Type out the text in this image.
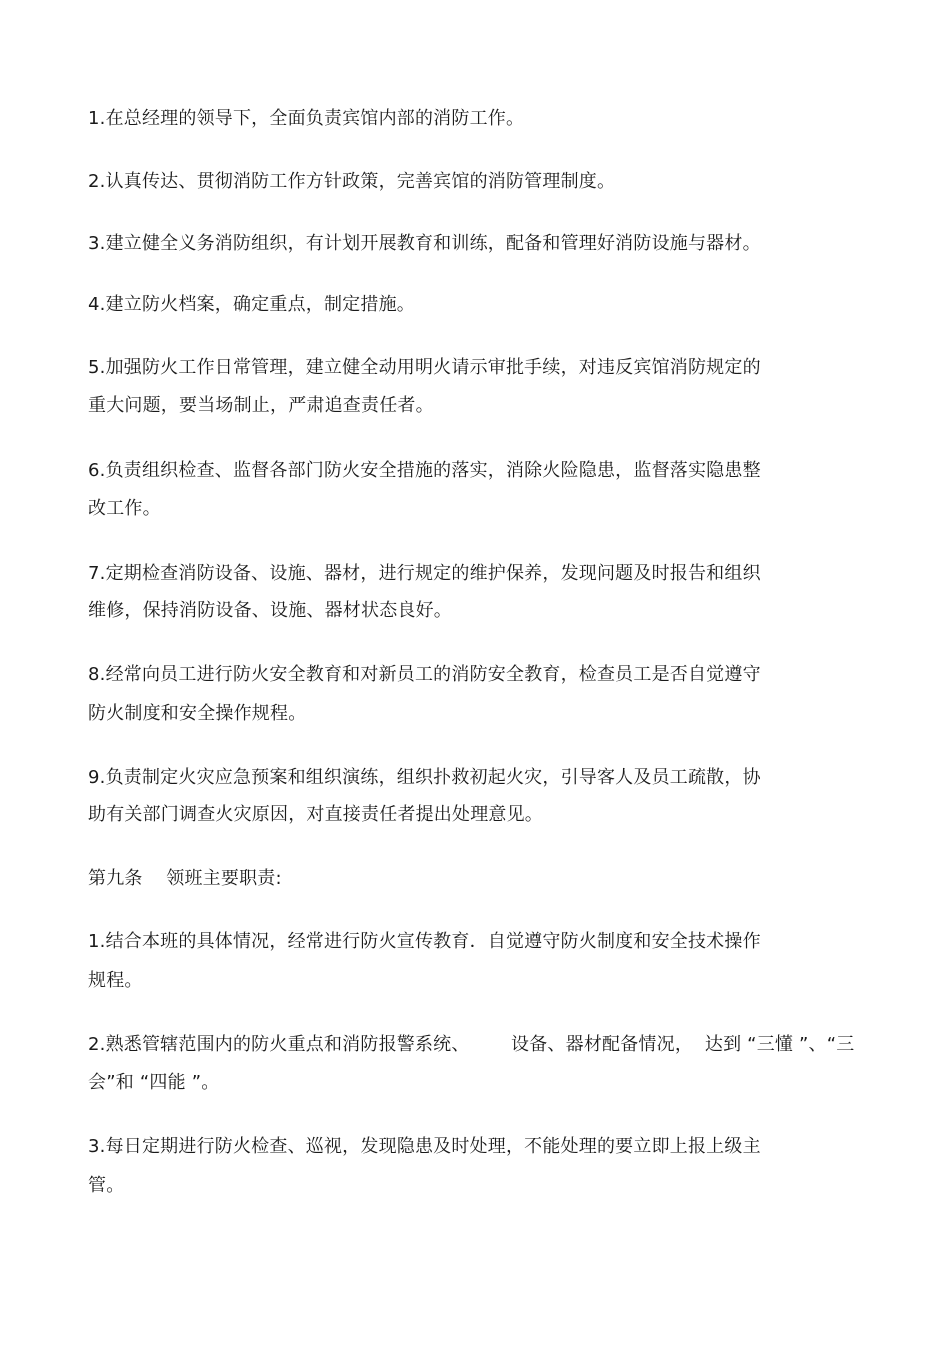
1.在总经理的领导下，全面负责宾馆内部的消防工作。
2.认真传达、贯彻消防工作方针政策，完善宾馆的消防管理制度。
3.建立健全义务消防组织，有计划开展教育和训练，配备和管理好消防设施与器材。
4.建立防火档案，确定重点，制定措施。
5.加强防火工作日常管理，建立健全动用明火请示审批手续，对违反宾馆消防规定的
重大问题，要当场制止，严肃追查责任者。
6.负责组织检查、监督各部门防火安全措施的落实，消除火险隐患，监督落实隐患整
改工作。
7.定期检查消防设备、设施、器材，进行规定的维护保养，发现问题及时报告和组织
维修，保持消防设备、设施、器材状态良好。
8.经常向员工进行防火安全教育和对新员工的消防安全教育，检查员工是否自觉遵守
防火制度和安全操作规程。
9.负责制定火灾应急预案和组织演练，组织扑救初起火灾，引导客人及员工疏散，协
助有关部门调查火灾原因，对直接责任者提出处理意见。
第九条    领班主要职责:
1.结合本班的具体情况，经常进行防火宣传教育．自觉遵守防火制度和安全技术操作
规程。
2.熟悉管辖范围内的防火重点和消防报警系统、       设备、器材配备情况，  达到 “三懂 ”、“三
会”和 “四能 ”。
3.每日定期进行防火检查、巡视，发现隐患及时处理，不能处理的要立即上报上级主
管。
